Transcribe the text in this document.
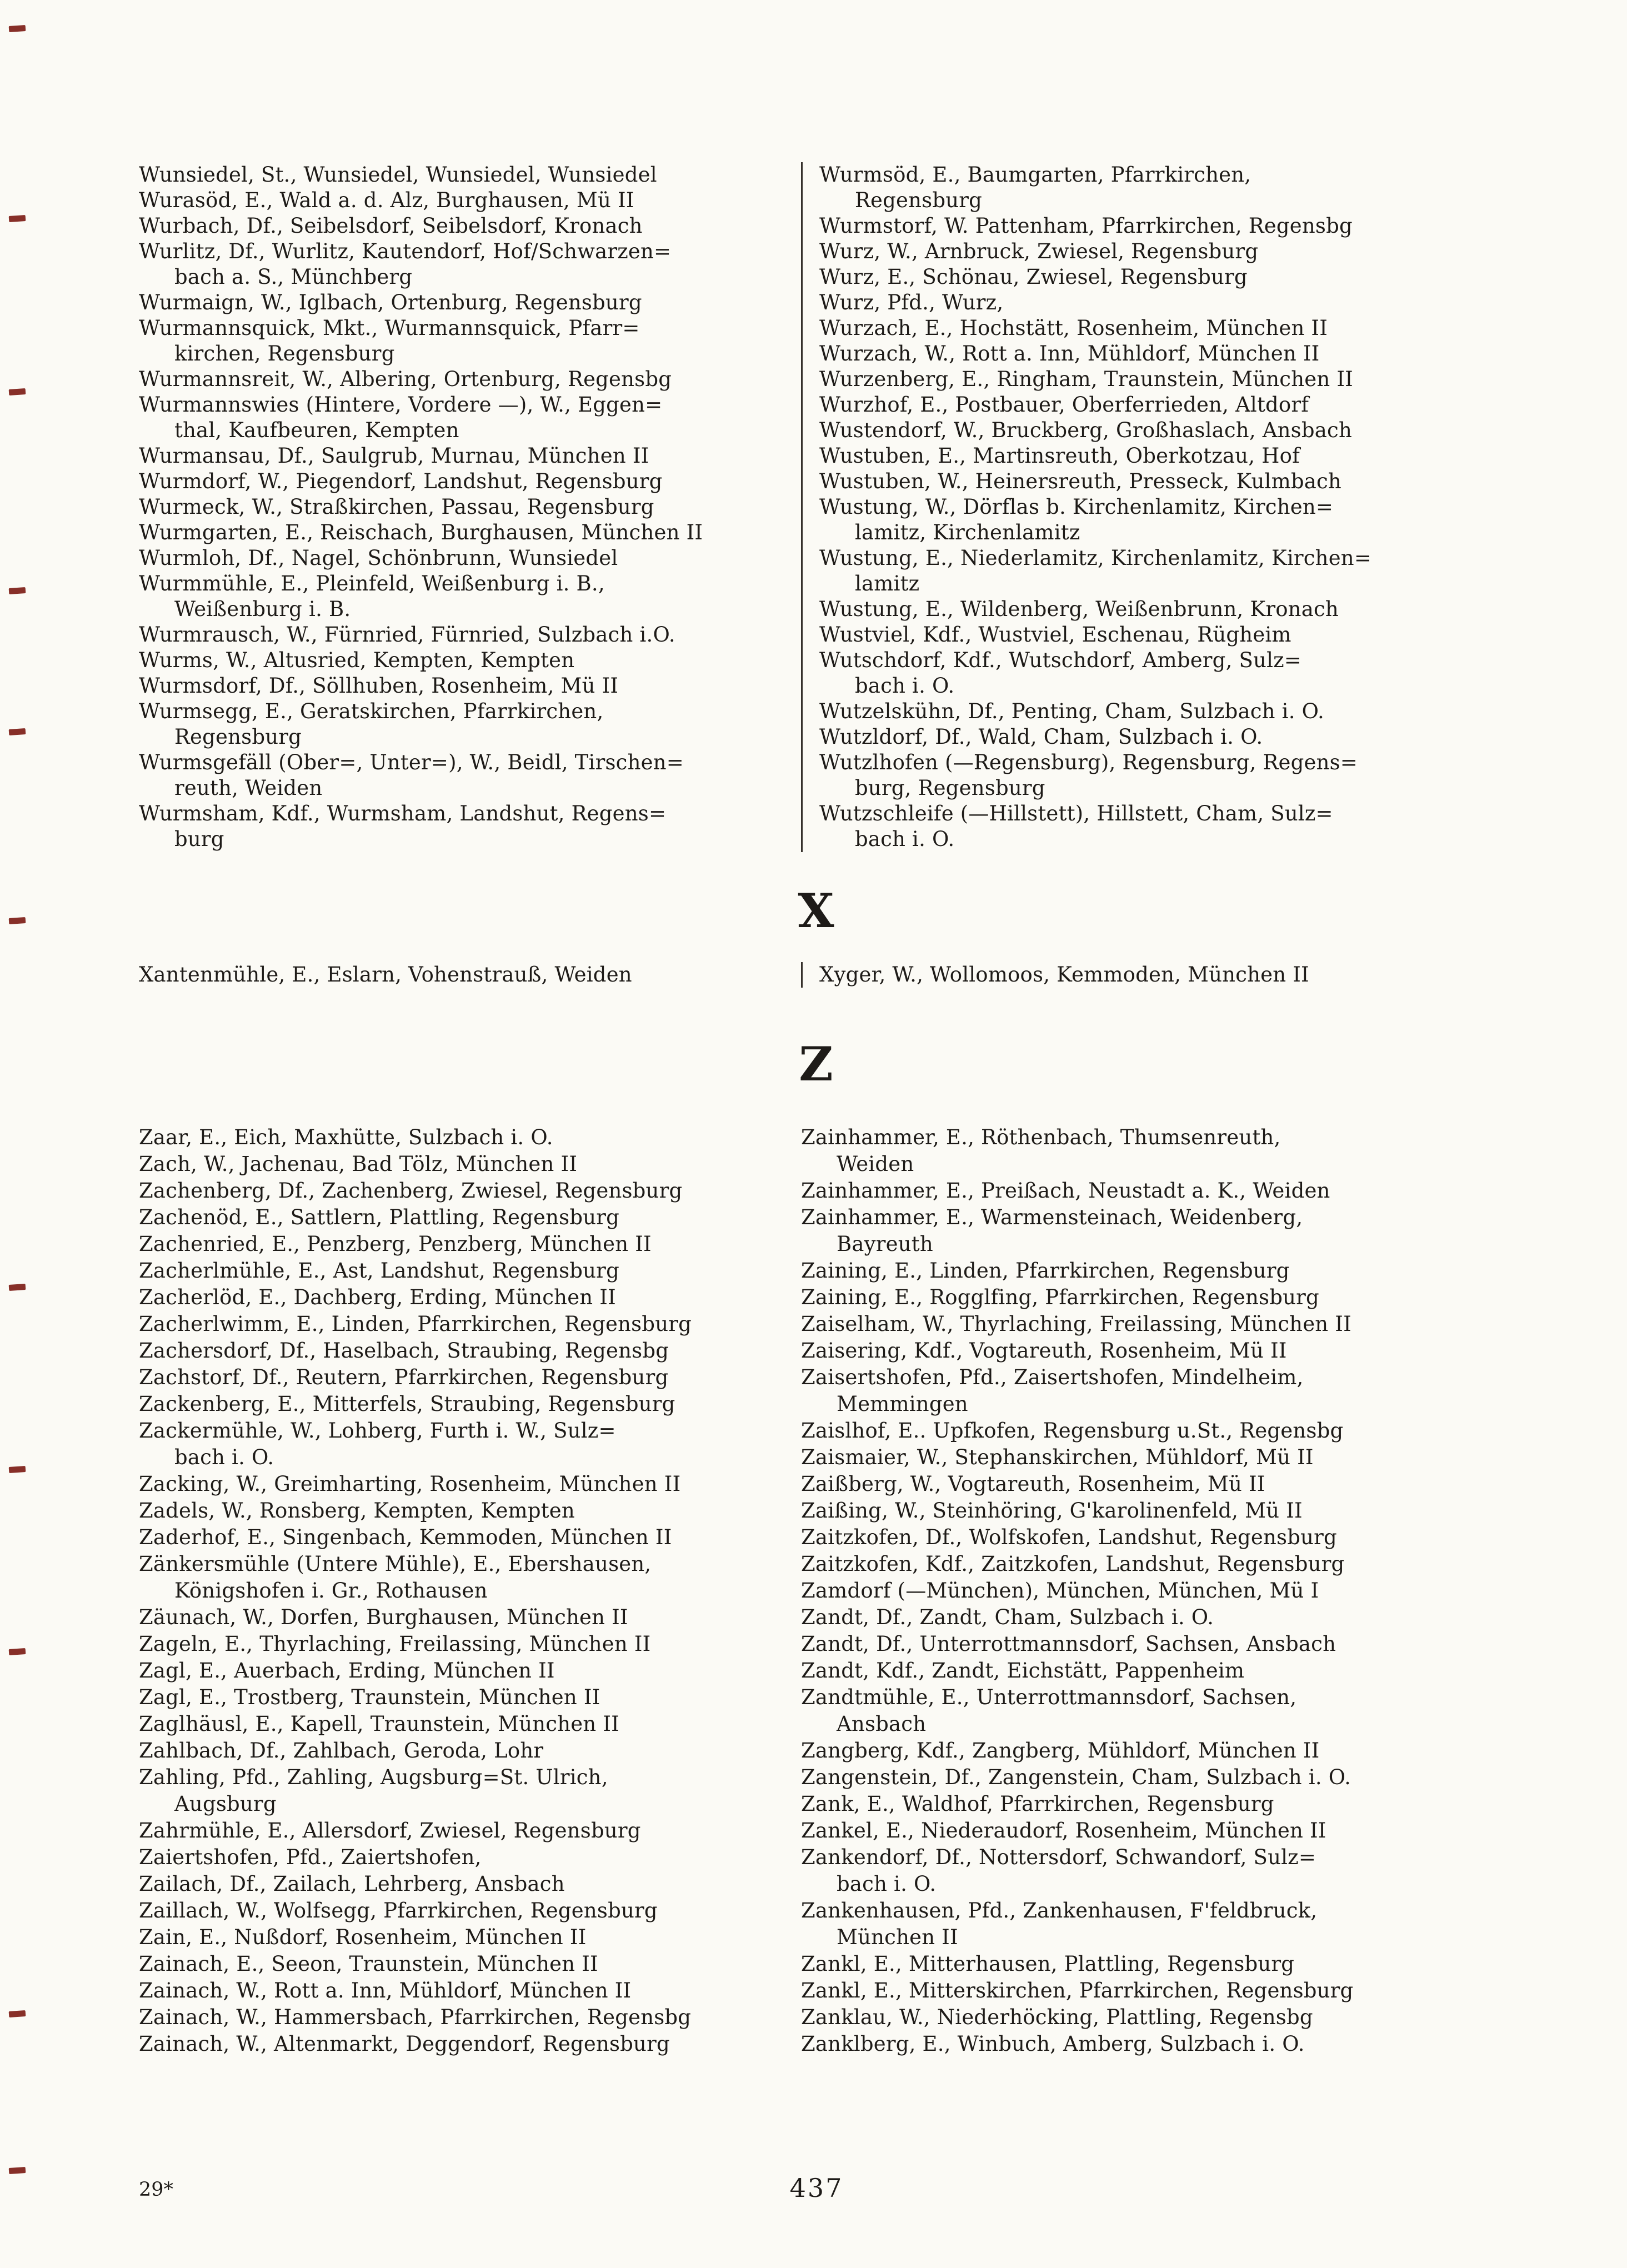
Wunsiedel, St., Wunsiedel, Wunsiedel, Wunsiedel
Wurasöd, E., Wald a. d. Alz, Burghausen, Mü II
Wurbach, Df., Seibelsdorf, Seibelsdorf, Kronach
Wurlitz, Df., Wurlitz, Kautendorf, Hof/Schwarzen=
bach a. S., Münchberg
Wurmaign, W., Iglbach, Ortenburg, Regensburg
Wurmannsquick, Mkt., Wurmannsquick, Pfarr=
kirchen, Regensburg
Wurmannsreit, W., Albering, Ortenburg, Regensbg
Wurmannswies (Hintere, Vordere —), W., Eggen=
thal, Kaufbeuren, Kempten
Wurmansau, Df., Saulgrub, Murnau, München II
Wurmdorf, W., Piegendorf, Landshut, Regensburg
Wurmeck, W., Straßkirchen, Passau, Regensburg
Wurmgarten, E., Reischach, Burghausen, München II
Wurmloh, Df., Nagel, Schönbrunn, Wunsiedel
Wurmmühle, E., Pleinfeld, Weißenburg i. B.,
Weißenburg i. B.
Wurmrausch, W., Fürnried, Fürnried, Sulzbach i.O.
Wurms, W., Altusried, Kempten, Kempten
Wurmsdorf, Df., Söllhuben, Rosenheim, Mü II
Wurmsegg, E., Geratskirchen, Pfarrkirchen,
Regensburg
Wurmsgefäll (Ober=, Unter=), W., Beidl, Tirschen=
reuth, Weiden
Wurmsham, Kdf., Wurmsham, Landshut, Regens=
burg
Wurmsöd, E., Baumgarten, Pfarrkirchen,
Regensburg
Wurmstorf, W. Pattenham, Pfarrkirchen, Regensbg
Wurz, W., Arnbruck, Zwiesel, Regensburg
Wurz, E., Schönau, Zwiesel, Regensburg
Wurz, Pfd., Wurz,
Wurzach, E., Hochstätt, Rosenheim, München II
Wurzach, W., Rott a. Inn, Mühldorf, München II
Wurzenberg, E., Ringham, Traunstein, München II
Wurzhof, E., Postbauer, Oberferrieden, Altdorf
Wustendorf, W., Bruckberg, Großhaslach, Ansbach
Wustuben, E., Martinsreuth, Oberkotzau, Hof
Wustuben, W., Heinersreuth, Presseck, Kulmbach
Wustung, W., Dörflas b. Kirchenlamitz, Kirchen=
lamitz, Kirchenlamitz
Wustung, E., Niederlamitz, Kirchenlamitz, Kirchen=
lamitz
Wustung, E., Wildenberg, Weißenbrunn, Kronach
Wustviel, Kdf., Wustviel, Eschenau, Rügheim
Wutschdorf, Kdf., Wutschdorf, Amberg, Sulz=
bach i. O.
Wutzelskühn, Df., Penting, Cham, Sulzbach i. O.
Wutzldorf, Df., Wald, Cham, Sulzbach i. O.
Wutzlhofen (—Regensburg), Regensburg, Regens=
burg, Regensburg
Wutzschleife (—Hillstett), Hillstett, Cham, Sulz=
bach i. O.
X
Xantenmühle, E., Eslarn, Vohenstrauß, Weiden	Xyger, W., Wollomoos, Kemmoden, München II
Z
Zaar, E., Eich, Maxhütte, Sulzbach i. O.
Zach, W., Jachenau, Bad Tölz, München II
Zachenberg, Df., Zachenberg, Zwiesel, Regensburg
Zachenöd, E., Sattlern, Plattling, Regensburg
Zachenried, E., Penzberg, Penzberg, München II
Zacherlmühle, E., Ast, Landshut, Regensburg
Zacherlöd, E., Dachberg, Erding, München II
Zacherlwimm, E., Linden, Pfarrkirchen, Regensburg
Zachersdorf, Df., Haselbach, Straubing, Regensbg
Zachstorf, Df., Reutern, Pfarrkirchen, Regensburg
Zackenberg, E., Mitterfels, Straubing, Regensburg
Zackermühle, W., Lohberg, Furth i. W., Sulz=
bach i. O.
Zacking, W., Greimharting, Rosenheim, München II
Zadels, W., Ronsberg, Kempten, Kempten
Zaderhof, E., Singenbach, Kemmoden, München II
Zänkersmühle (Untere Mühle), E., Ebershausen,
Königshofen i. Gr., Rothausen
Zäunach, W., Dorfen, Burghausen, München II
Zageln, E., Thyrlaching, Freilassing, München II
Zagl, E., Auerbach, Erding, München II
Zagl, E., Trostberg, Traunstein, München II
Zaglhäusl, E., Kapell, Traunstein, München II
Zahlbach, Df., Zahlbach, Geroda, Lohr
Zahling, Pfd., Zahling, Augsburg=St. Ulrich,
Augsburg
Zahrmühle, E., Allersdorf, Zwiesel, Regensburg
Zaiertshofen, Pfd., Zaiertshofen,
Zailach, Df., Zailach, Lehrberg, Ansbach
Zaillach, W., Wolfsegg, Pfarrkirchen, Regensburg
Zain, E., Nußdorf, Rosenheim, München II
Zainach, E., Seeon, Traunstein, München II
Zainach, W., Rott a. Inn, Mühldorf, München II
Zainach, W., Hammersbach, Pfarrkirchen, Regensbg
Zainach, W., Altenmarkt, Deggendorf, Regensburg
Zainhammer, E., Röthenbach, Thumsenreuth,
Weiden
Zainhammer, E., Preißach, Neustadt a. K., Weiden
Zainhammer, E., Warmensteinach, Weidenberg,
Bayreuth
Zaining, E., Linden, Pfarrkirchen, Regensburg
Zaining, E., Rogglfing, Pfarrkirchen, Regensburg
Zaiselham, W., Thyrlaching, Freilassing, München II
Zaisering, Kdf., Vogtareuth, Rosenheim, Mü II
Zaisertshofen, Pfd., Zaisertshofen, Mindelheim,
Memmingen
Zaislhof, E.. Upfkofen, Regensburg u.St., Regensbg
Zaismaier, W., Stephanskirchen, Mühldorf, Mü II
Zaißberg, W., Vogtareuth, Rosenheim, Mü II
Zaißing, W., Steinhöring, G'karolinenfeld, Mü II
Zaitzkofen, Df., Wolfskofen, Landshut, Regensburg
Zaitzkofen, Kdf., Zaitzkofen, Landshut, Regensburg
Zamdorf (—München), München, München, Mü I
Zandt, Df., Zandt, Cham, Sulzbach i. O.
Zandt, Df., Unterrottmannsdorf, Sachsen, Ansbach
Zandt, Kdf., Zandt, Eichstätt, Pappenheim
Zandtmühle, E., Unterrottmannsdorf, Sachsen,
Ansbach
Zangberg, Kdf., Zangberg, Mühldorf, München II
Zangenstein, Df., Zangenstein, Cham, Sulzbach i. O.
Zank, E., Waldhof, Pfarrkirchen, Regensburg
Zankel, E., Niederaudorf, Rosenheim, München II
Zankendorf, Df., Nottersdorf, Schwandorf, Sulz=
bach i. O.
Zankenhausen, Pfd., Zankenhausen, F'feldbruck,
München II
Zankl, E., Mitterhausen, Plattling, Regensburg
Zankl, E., Mitterskirchen, Pfarrkirchen, Regensburg
Zanklau, W., Niederhöcking, Plattling, Regensbg
Zanklberg, E., Winbuch, Amberg, Sulzbach i. O.
29*	437
